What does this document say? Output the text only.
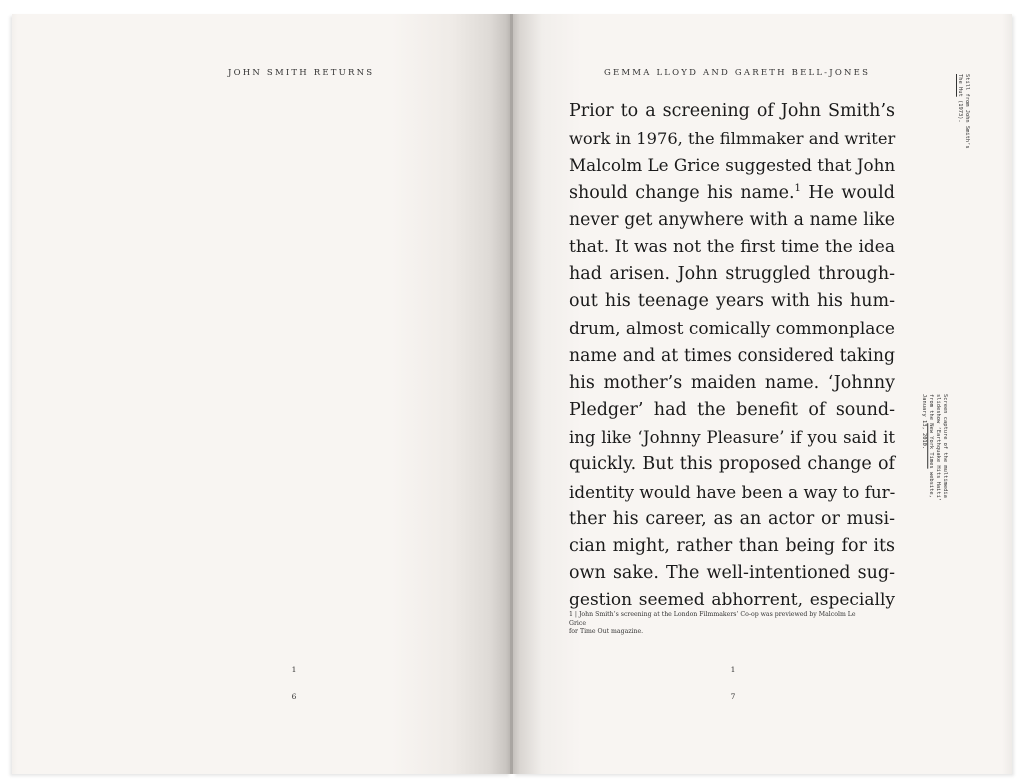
JOHN SMITH RETURNS
1
6
GEMMA LLOYD AND GARETH BELL-JONES
Prior to a screening of John Smith’s
work in 1976, the filmmaker and writer
Malcolm Le Grice suggested that John
should change his name.$^1$ He would
never get anywhere with a name like
that. It was not the first time the idea
had arisen. John struggled through-
out his teenage years with his hum-
drum, almost comically commonplace
name and at times considered taking
his mother’s maiden name. ‘Johnny
Pledger’ had the benefit of sound-
ing like ‘Johnny Pleasure’ if you said it
quickly. But this proposed change of
identity would have been a way to fur-
ther his career, as an actor or musi-
cian might, rather than being for its
own sake. The well-intentioned sug-
gestion seemed abhorrent, especially
1 | John Smith’s screening at the London Filmmakers’ Co-op was previewed by Malcolm Le Grice
for Time Out magazine.
1
7
Still from John Smith’s
The Hut (1973).
Screen capture of the multimedia
slideshow ‘Earthquake Hits Haiti’
from the New York Times website,
January 13, 2010.
